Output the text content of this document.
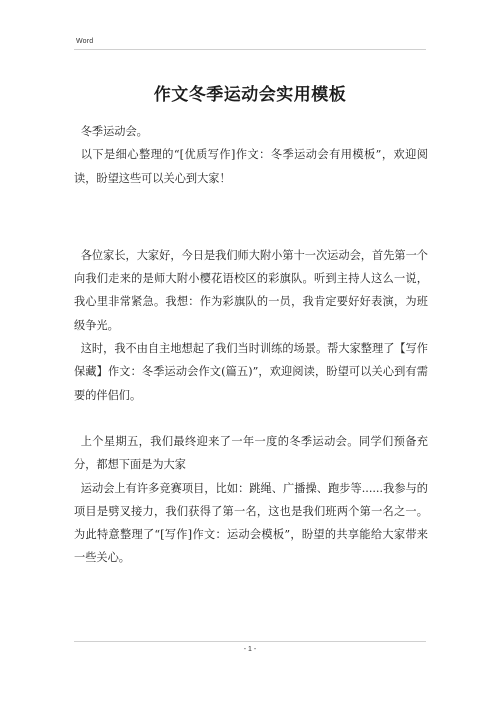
Word
作文冬季运动会实用模板

冬季运动会。

以下是细心整理的“[优质写作]作文：冬季运动会有用模板”，欢迎阅读，盼望这些可以关心到大家！

各位家长，大家好，今日是我们师大附小第十一次运动会，首先第一个向我们走来的是师大附小樱花语校区的彩旗队。听到主持人这么一说，我心里非常紧急。我想：作为彩旗队的一员，我肯定要好好表演，为班级争光。

这时，我不由自主地想起了我们当时训练的场景。帮大家整理了【写作保藏】作文：冬季运动会作文(篇五)”，欢迎阅读，盼望可以关心到有需要的伴侣们。

上个星期五，我们最终迎来了一年一度的冬季运动会。同学们预备充分，都想下面是为大家

运动会上有许多竞赛项目，比如：跳绳、广播操、跑步等......我参与的项目是劈叉接力，我们获得了第一名，这也是我们班两个第一名之一。为此特意整理了“[写作]作文：运动会模板”，盼望的共享能给大家带来一些关心。

- 1 -
